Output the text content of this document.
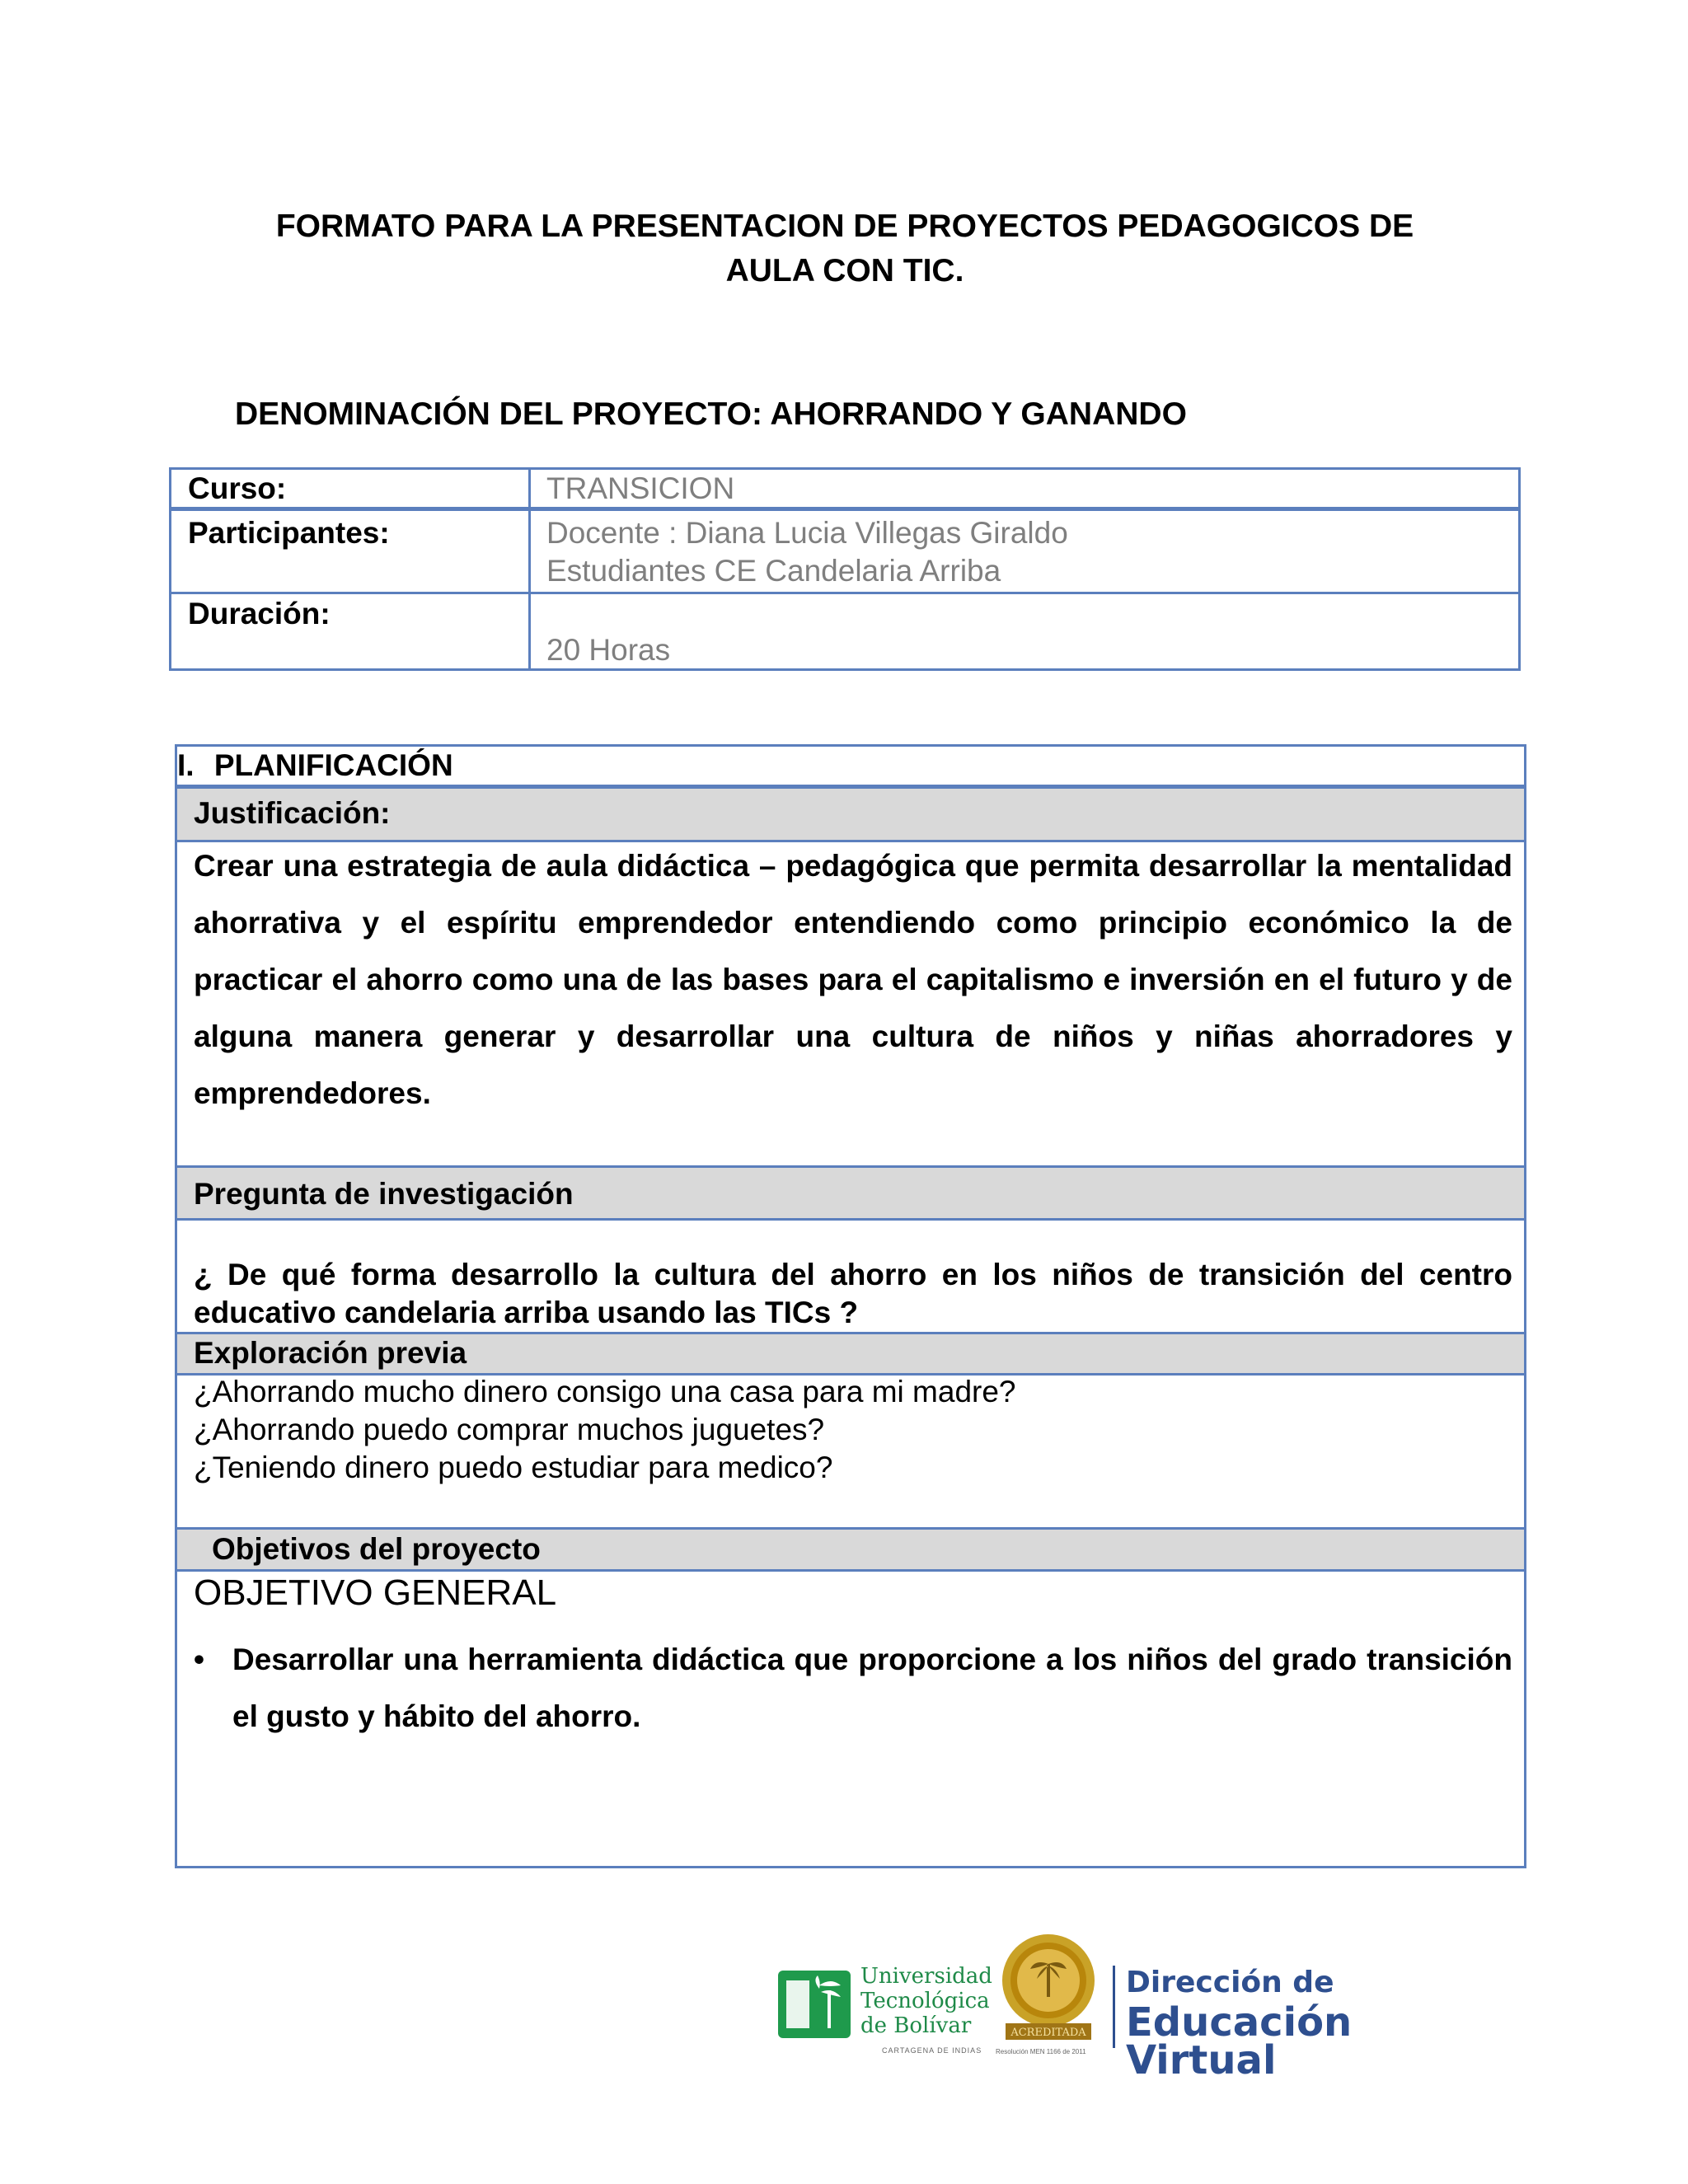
FORMATO PARA LA PRESENTACION DE PROYECTOS PEDAGOGICOS DE
AULA CON TIC.
DENOMINACIÓN DEL PROYECTO: AHORRANDO Y GANANDO
Curso:	TRANSICION
Participantes:	Docente : Diana Lucia Villegas Giraldo
Estudiantes CE Candelaria Arriba
Duración:
20 Horas
I. PLANIFICACIÓN
Justificación:
Crear una estrategia de aula didáctica – pedagógica que permita desarrollar la mentalidad ahorrativa y el espíritu emprendedor entendiendo como principio económico la de practicar el ahorro como una de las bases para el capitalismo e inversión en el futuro y de alguna manera generar y desarrollar una cultura de niños y niñas ahorradores y emprendedores.
Pregunta de investigación
¿ De qué forma desarrollo la cultura del ahorro en los niños de transición del centro educativo candelaria arriba usando las TICs ?
Exploración previa
¿Ahorrando mucho dinero consigo una casa para mi madre?
¿Ahorrando puedo comprar muchos juguetes?
¿Teniendo dinero puedo estudiar para medico?
Objetivos del proyecto
OBJETIVO GENERAL
• Desarrollar una herramienta didáctica que proporcione a los niños del grado transición el gusto y hábito del ahorro.
Universidad
Tecnológica
de Bolívar
CARTAGENA DE INDIAS
ACREDITADA
Resolución MEN 1166 de 2011
Dirección de
Educación Virtual
